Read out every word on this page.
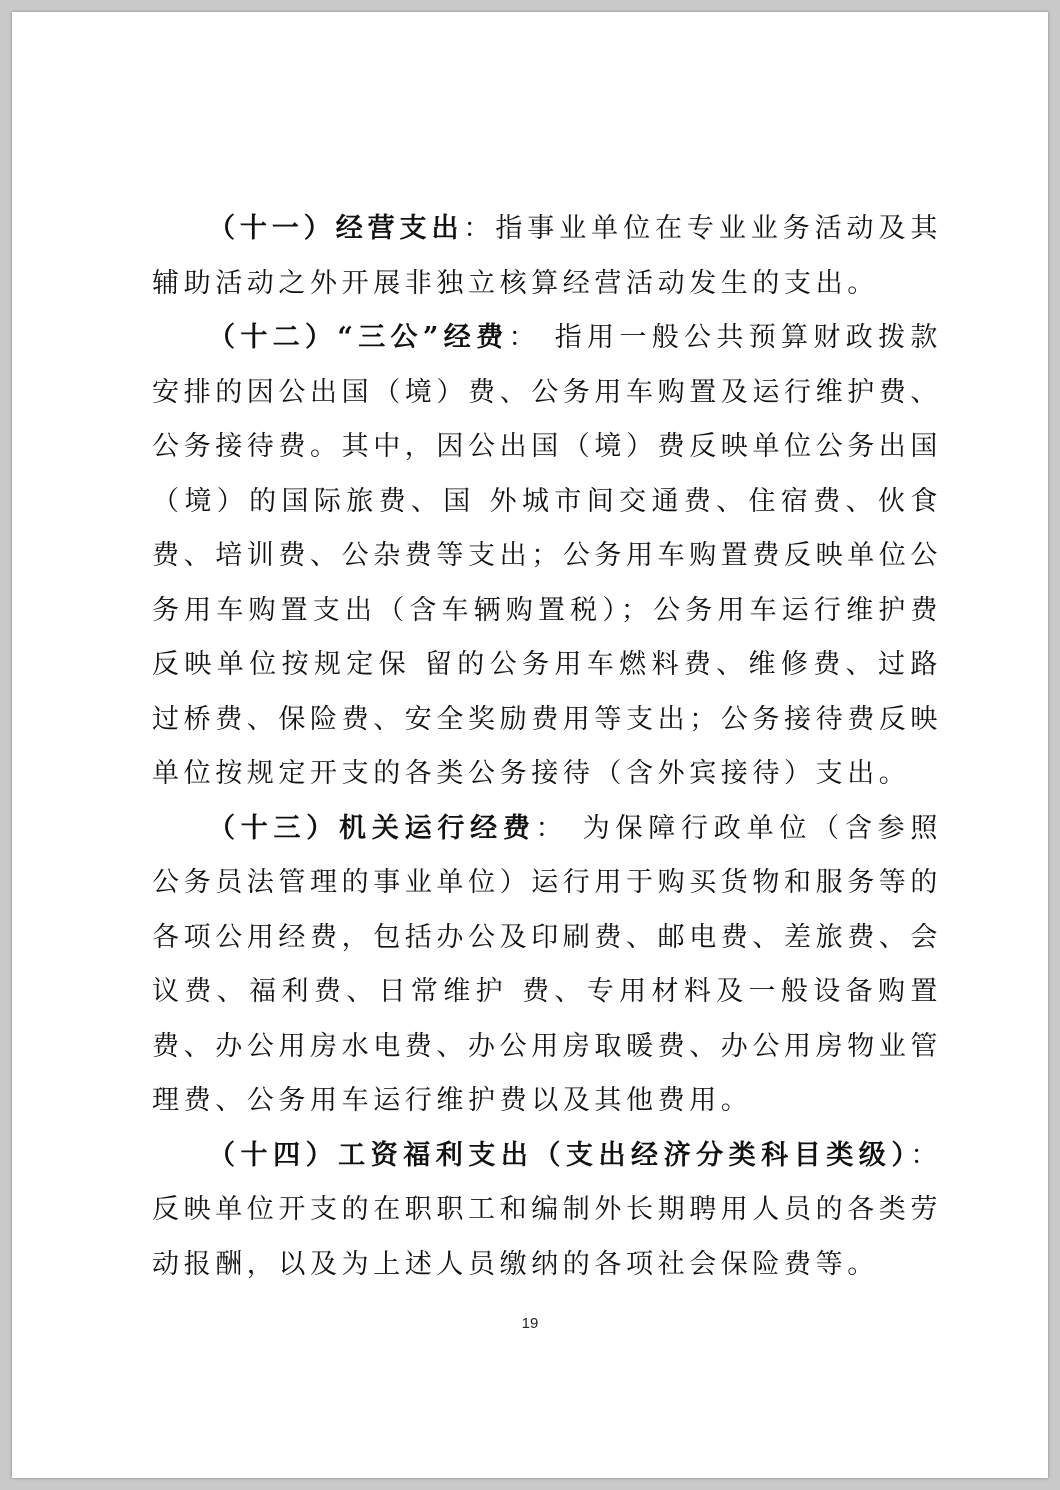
（十一）经营支出：指事业单位在专业业务活动及其辅助活动之外开展非独立核算经营活动发生的支出。

（十二）“三公”经费： 指用一般公共预算财政拨款安排的因公出国（境）费、公务用车购置及运行维护费、公务接待费。其中，因公出国（境）费反映单位公务出国（境）的国际旅费、国 外城市间交通费、住宿费、伙食费、培训费、公杂费等支出；公务用车购置费反映单位公务用车购置支出（含车辆购置税）；公务用车运行维护费反映单位按规定保 留的公务用车燃料费、维修费、过路过桥费、保险费、安全奖励费用等支出；公务接待费反映单位按规定开支的各类公务接待（含外宾接待）支出。

（十三）机关运行经费： 为保障行政单位（含参照公务员法管理的事业单位）运行用于购买货物和服务等的各项公用经费，包括办公及印刷费、邮电费、差旅费、会议费、福利费、日常维护 费、专用材料及一般设备购置费、办公用房水电费、办公用房取暖费、办公用房物业管理费、公务用车运行维护费以及其他费用。

（十四）工资福利支出（支出经济分类科目类级）：反映单位开支的在职职工和编制外长期聘用人员的各类劳动报酬，以及为上述人员缴纳的各项社会保险费等。

19
